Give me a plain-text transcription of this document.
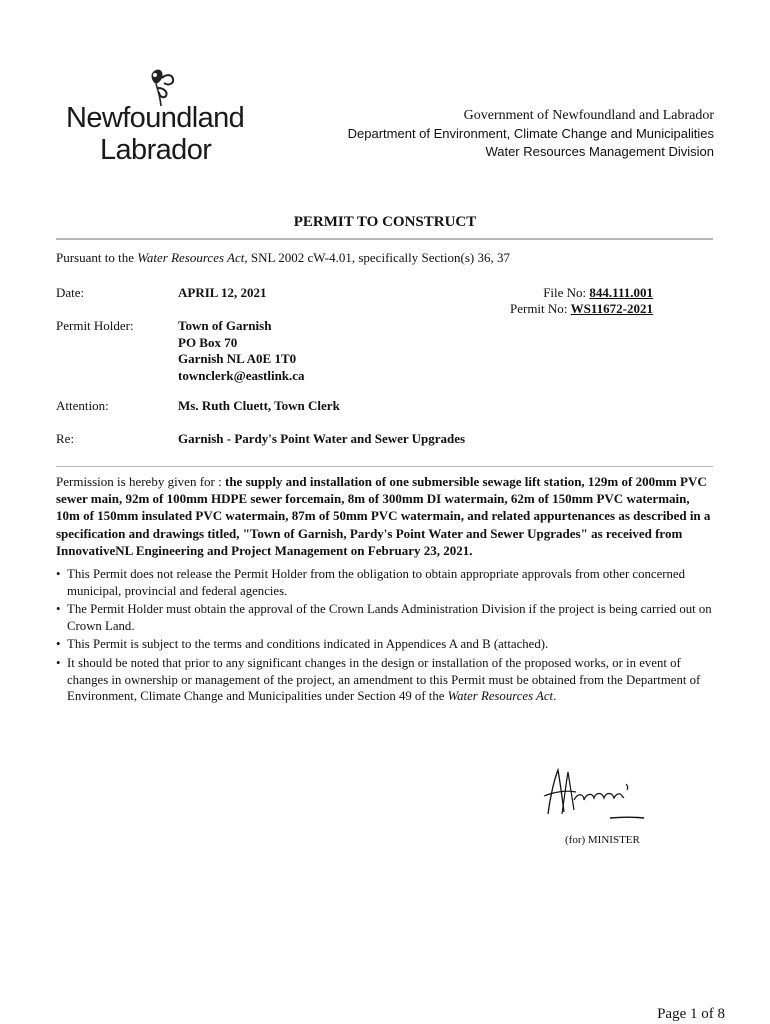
Newfoundland
Labrador
Government of Newfoundland and Labrador
Department of Environment, Climate Change and Municipalities
Water Resources Management Division
PERMIT TO CONSTRUCT
Pursuant to the Water Resources Act, SNL 2002 cW-4.01, specifically Section(s) 36, 37
Date:	APRIL 12, 2021	File No: 844.111.001
Permit No: WS11672-2021
Permit Holder:	Town of Garnish
PO Box 70
Garnish NL A0E 1T0
townclerk@eastlink.ca
Attention:	Ms. Ruth Cluett, Town Clerk
Re:	Garnish - Pardy's Point Water and Sewer Upgrades
Permission is hereby given for : the supply and installation of one submersible sewage lift station, 129m of 200mm PVC sewer main, 92m of 100mm HDPE sewer forcemain, 8m of 300mm DI watermain, 62m of 150mm PVC watermain, 10m of 150mm insulated PVC watermain, 87m of 50mm PVC watermain, and related appurtenances as described in a specification and drawings titled, "Town of Garnish, Pardy's Point Water and Sewer Upgrades" as received from InnovativeNL Engineering and Project Management on February 23, 2021.
• This Permit does not release the Permit Holder from the obligation to obtain appropriate approvals from other concerned municipal, provincial and federal agencies.
• The Permit Holder must obtain the approval of the Crown Lands Administration Division if the project is being carried out on Crown Land.
• This Permit is subject to the terms and conditions indicated in Appendices A and B (attached).
• It should be noted that prior to any significant changes in the design or installation of the proposed works, or in event of changes in ownership or management of the project, an amendment to this Permit must be obtained from the Department of Environment, Climate Change and Municipalities under Section 49 of the Water Resources Act.
(for) MINISTER
Page 1 of 8
